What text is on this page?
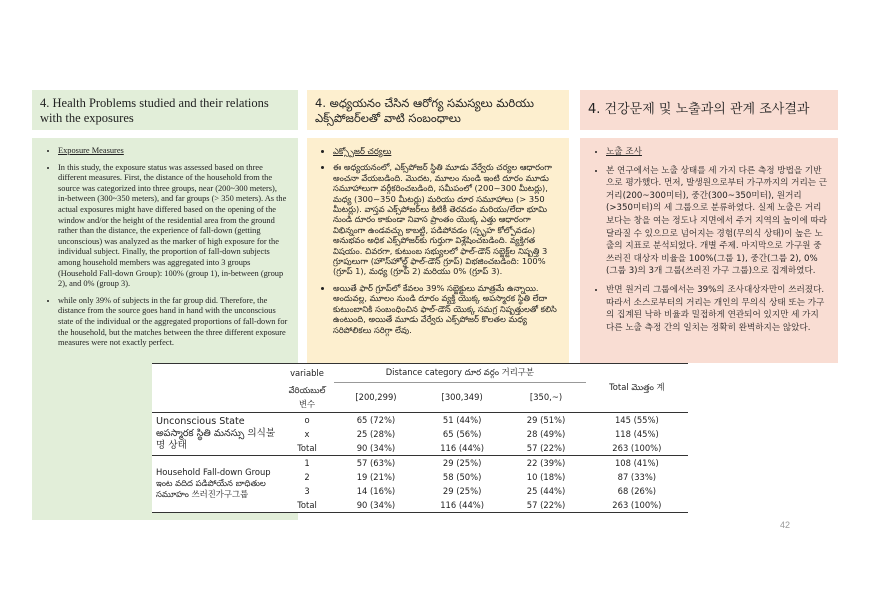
4. Health Problems studied and their relations with the exposures
4. అధ్యయనం చేసిన ఆరోగ్య సమస్యలు మరియు ఎక్స్‌పోజర్‌లతో వాటి సంబంధాలు
4. 건강문제 및 노출과의 관계 조사결과
• Exposure Measures
• In this study, the exposure status was assessed based on three different measures. First, the distance of the household from the source was categorized into three groups, near (200~300 meters), in-between (300~350 meters), and far groups (> 350 meters). As the actual exposures might have differed based on the opening of the window and/or the height of the residential area from the ground rather than the distance, the experience of fall-down (getting unconscious) was analyzed as the marker of high exposure for the individual subject. Finally, the proportion of fall-down subjects among household members was aggregated into 3 groups (Household Fall-down Group): 100% (group 1), in-between (group 2), and 0% (group 3).
• while only 39% of subjects in the far group did. Therefore, the distance from the source goes hand in hand with the unconscious state of the individual or the aggregated proportions of fall-down for the household, but the matches between the three different exposure measures were not exactly perfect.
• ఎక్స్పోజర్ చర్యలు
• ఈ అధ్యయనంలో, ఎక్స్‌పోజర్ స్థితి మూడు వేర్వేరు చర్యల ఆధారంగా అంచనా వేయబడింది. మొదట, మూలం నుండి ఇంటి దూరం మూడు సమూహాలుగా వర్గీకరించబడింది, సమీపంలో (200~300 మీటర్లు), మధ్య (300~350 మీటర్లు) మరియు దూర సమూహాలు (> 350 మీటర్లు). వాస్తవ ఎక్స్‌పోజర్‌లు కిటికీ తెరవడం మరియు/లేదా భూమి నుండి దూరం కాకుండా నివాస ప్రాంతం యొక్క ఎత్తు ఆధారంగా విభిన్నంగా ఉండవచ్చు కాబట్టి, పడిపోవడం (స్పృహ కోల్పోవడం) అనుభవం అధిక ఎక్స్‌పోజర్‌కు గుర్తుగా విశ్లేషించబడింది. వ్యక్తిగత విషయం. చివరగా, కుటుంబ సభ్యులలో ఫాల్-డౌన్ సబ్జెక్ట్‌ల నిష్పత్తి 3 గ్రూపులుగా (హౌస్‌హోల్డ్ ఫాల్-డౌన్ గ్రూప్) విభజించబడింది: 100% (గ్రూప్ 1), మధ్య (గ్రూప్ 2) మరియు 0% (గ్రూప్ 3).
• అయితే ఫార్ గ్రూప్‌లో కేవలం 39% సబ్జెక్టులు మాత్రమే ఉన్నాయి. అందువల్ల, మూలం నుండి దూరం వ్యక్తి యొక్క అపస్మారక స్థితి లేదా కుటుంబానికి సంబంధించిన ఫాల్-డౌన్ యొక్క సమగ్ర నిష్పత్తులతో కలిసి ఉంటుంది, అయితే మూడు వేర్వేరు ఎక్స్‌పోజర్ కొలతల మధ్య సరిపోలికలు సరిగ్గా లేవు.
• 노출 조사
• 본 연구에서는 노출 상태를 세 가지 다른 측정 방법을 기반으로 평가했다. 먼저, 발생원으로부터 가구까지의 거리는 근거리(200~300미터), 중간(300~350미터), 원거리(>350미터)의 세 그룹으로 분류하였다. 실제 노출은 거리보다는 창을 여는 정도나 지면에서 주거 지역의 높이에 따라 달라질 수 있으므로 넘어지는 경험(무의식 상태)이 높은 노출의 지표로 분석되었다. 개별 주제. 마지막으로 가구원 중 쓰러진 대상자 비율을 100%(그룹 1), 중간(그룹 2), 0%(그룹 3)의 3개 그룹(쓰러진 가구 그룹)으로 집계하였다.
• 반면 원거리 그룹에서는 39%의 조사대상자만이 쓰러졌다. 따라서 소스로부터의 거리는 개인의 무의식 상태 또는 가구의 집계된 낙하 비율과 밀접하게 연관되어 있지만 세 가지 다른 노출 측정 간의 일치는 정확히 완벽하지는 않았다.
	variable	Distance category దూర వర్గం 거리구분			Total మొత్తం 계
	వేరియబుల్ 변수	[200,299)	[300,349)	[350,~)	
Unconscious State అపస్మారక స్థితి మనస్సు 의식불명 상태	o	65 (72%)	51 (44%)	29 (51%)	145 (55%)
	x	25 (28%)	65 (56%)	28 (49%)	118 (45%)
	Total	90 (34%)	116 (44%)	57 (22%)	263 (100%)
Household Fall-down Group ఇంట వదిద పడిపోయేన బాధితుల సమూహం 쓰러진가구그룹	1	57 (63%)	29 (25%)	22 (39%)	108 (41%)
	2	19 (21%)	58 (50%)	10 (18%)	87 (33%)
	3	14 (16%)	29 (25%)	25 (44%)	68 (26%)
	Total	90 (34%)	116 (44%)	57 (22%)	263 (100%)
42
